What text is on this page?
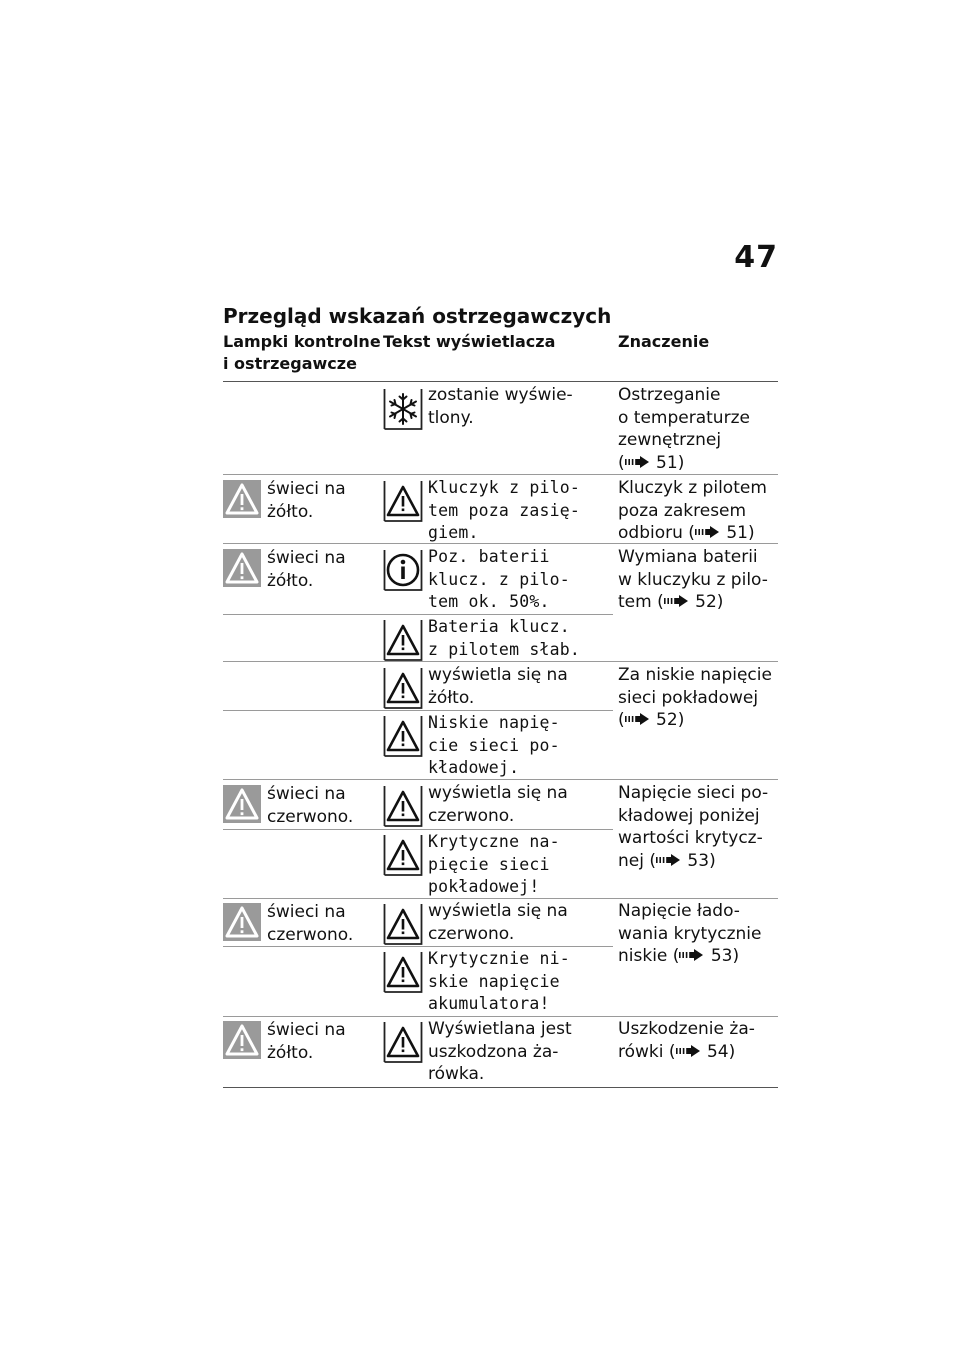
47
Przegląd wskazań ostrzegawczych
Lampki kontrolne i ostrzegawcze
Tekst wyświetlacza	Znaczenie
zostanie wyświe-
tlony.
Ostrzeganie
o temperaturze
zewnętrznej
( 51)
świeci na
żółto.
Kluczyk z pilo-
tem poza zasię-
giem.
Kluczyk z pilotem
poza zakresem
odbioru ( 51)
świeci na
żółto.
Poz. baterii
klucz. z pilo-
tem ok. 50%.
Wymiana baterii
w kluczyku z pilo-
tem ( 52)
Bateria klucz.
z pilotem słab.
wyświetla się na
żółto.
Za niskie napięcie
sieci pokładowej
( 52)
Niskie napię-
cie sieci po-
kładowej.
świeci na
czerwono.
wyświetla się na
czerwono.
Napięcie sieci po-
kładowej poniżej
wartości krytycz-
nej ( 53)
Krytyczne na-
pięcie sieci
pokładowej!
świeci na
czerwono.
wyświetla się na
czerwono.
Napięcie łado-
wania krytycznie
niskie ( 53)
Krytycznie ni-
skie napięcie
akumulatora!
świeci na
żółto.
Wyświetlana jest
uszkodzona ża-
rówka.
Uszkodzenie ża-
rówki ( 54)
